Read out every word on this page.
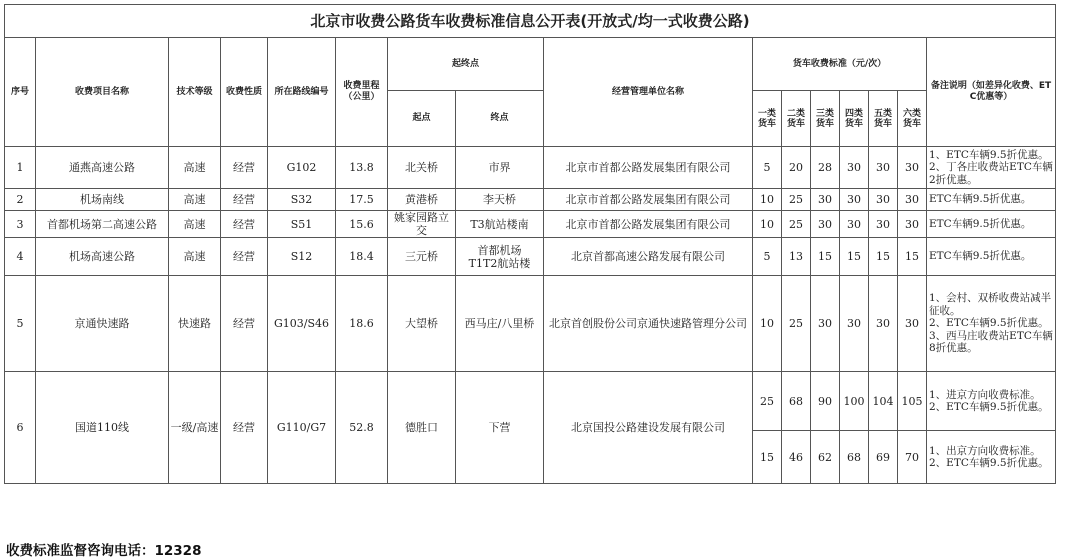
北京市收费公路货车收费标准信息公开表(开放式/均一式收费公路)															
序号	收费项目名称	技术等级	收费性质	所在路线编号	收费里程（公里）	起终点		经营管理单位名称	货车收费标准（元/次）						备注说明（如差异化收费、ETC优惠等）
						起点	终点		一类货车	二类货车	三类货车	四类货车	五类货车	六类货车	
1	通燕高速公路	高速	经营	G102	13.8	北关桥	市界	北京市首都公路发展集团有限公司	5	20	28	30	30	30	1、ETC车辆9.5折优惠。
2、丁各庄收费站ETC车辆 2折优惠。
2	机场南线	高速	经营	S32	17.5	黄港桥	李天桥	北京市首都公路发展集团有限公司	10	25	30	30	30	30	ETC车辆9.5折优惠。
3	首都机场第二高速公路	高速	经营	S51	15.6	姚家园路立交	T3航站楼南	北京市首都公路发展集团有限公司	10	25	30	30	30	30	ETC车辆9.5折优惠。
4	机场高速公路	高速	经营	S12	18.4	三元桥	首都机场
T1T2航站楼	北京首都高速公路发展有限公司	5	13	15	15	15	15	ETC车辆9.5折优惠。
5	京通快速路	快速路	经营	G103/S46	18.6	大望桥	西马庄/八里桥	北京首创股份公司京通快速路管理分公司	10	25	30	30	30	30	1、会村、双桥收费站减半征收。
2、ETC车辆9.5折优惠。
3、西马庄收费站ETC车辆 8折优惠。
6	国道110线	一级/高速	经营	G110/G7	52.8	德胜口	下营	北京国投公路建设发展有限公司	25	68	90	100	104	105	1、进京方向收费标准。
2、ETC车辆9.5折优惠。
									15	46	62	68	69	70	1、出京方向收费标准。
2、ETC车辆9.5折优惠。
收费标准监督咨询电话：12328
